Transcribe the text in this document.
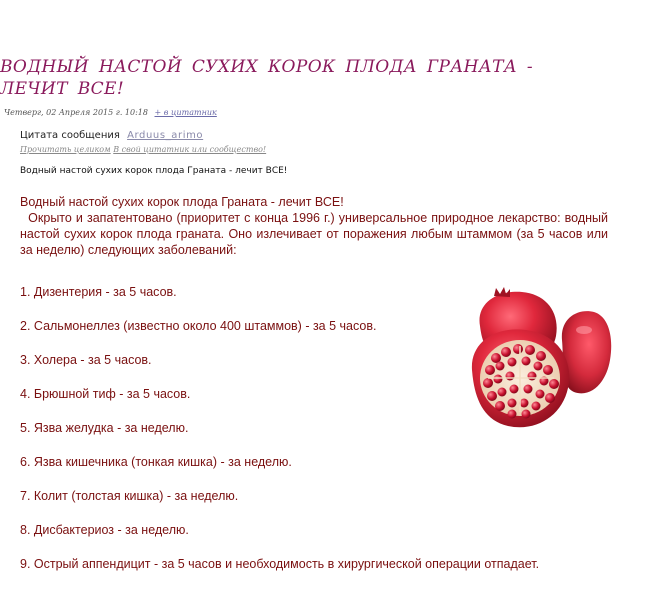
ВОДНЫЙ НАСТОЙ СУХИХ КОРОК ПЛОДА ГРАНАТА - ЛЕЧИТ ВСЕ!
Четверг, 02 Апреля 2015 г. 10:18 + в цитатник
Цитата сообщения Arduus_arimo
Прочитать целиком В свой цитатник или сообщество!
Водный настой сухих корок плода Граната - лечит ВСЕ!

Водный настой сухих корок плода Граната - лечит ВСЕ!

Окрыто и запатентовано (приоритет с конца 1996 г.) универсальное природное лекарство: водный настой сухих корок плода граната. Оно излечивает от поражения любым штаммом (за 5 часов или за неделю) следующих заболеваний:

1. Дизентерия - за 5 часов.
2. Сальмонеллез (известно около 400 штаммов) - за 5 часов.
3. Холера - за 5 часов.
4. Брюшной тиф - за 5 часов.
5. Язва желудка - за неделю.
6. Язва кишечника (тонкая кишка) - за неделю.
7. Колит (толстая кишка) - за неделю.
8. Дисбактериоз - за неделю.
9. Острый аппендицит - за 5 часов и необходимость в хирургической операции отпадает.
